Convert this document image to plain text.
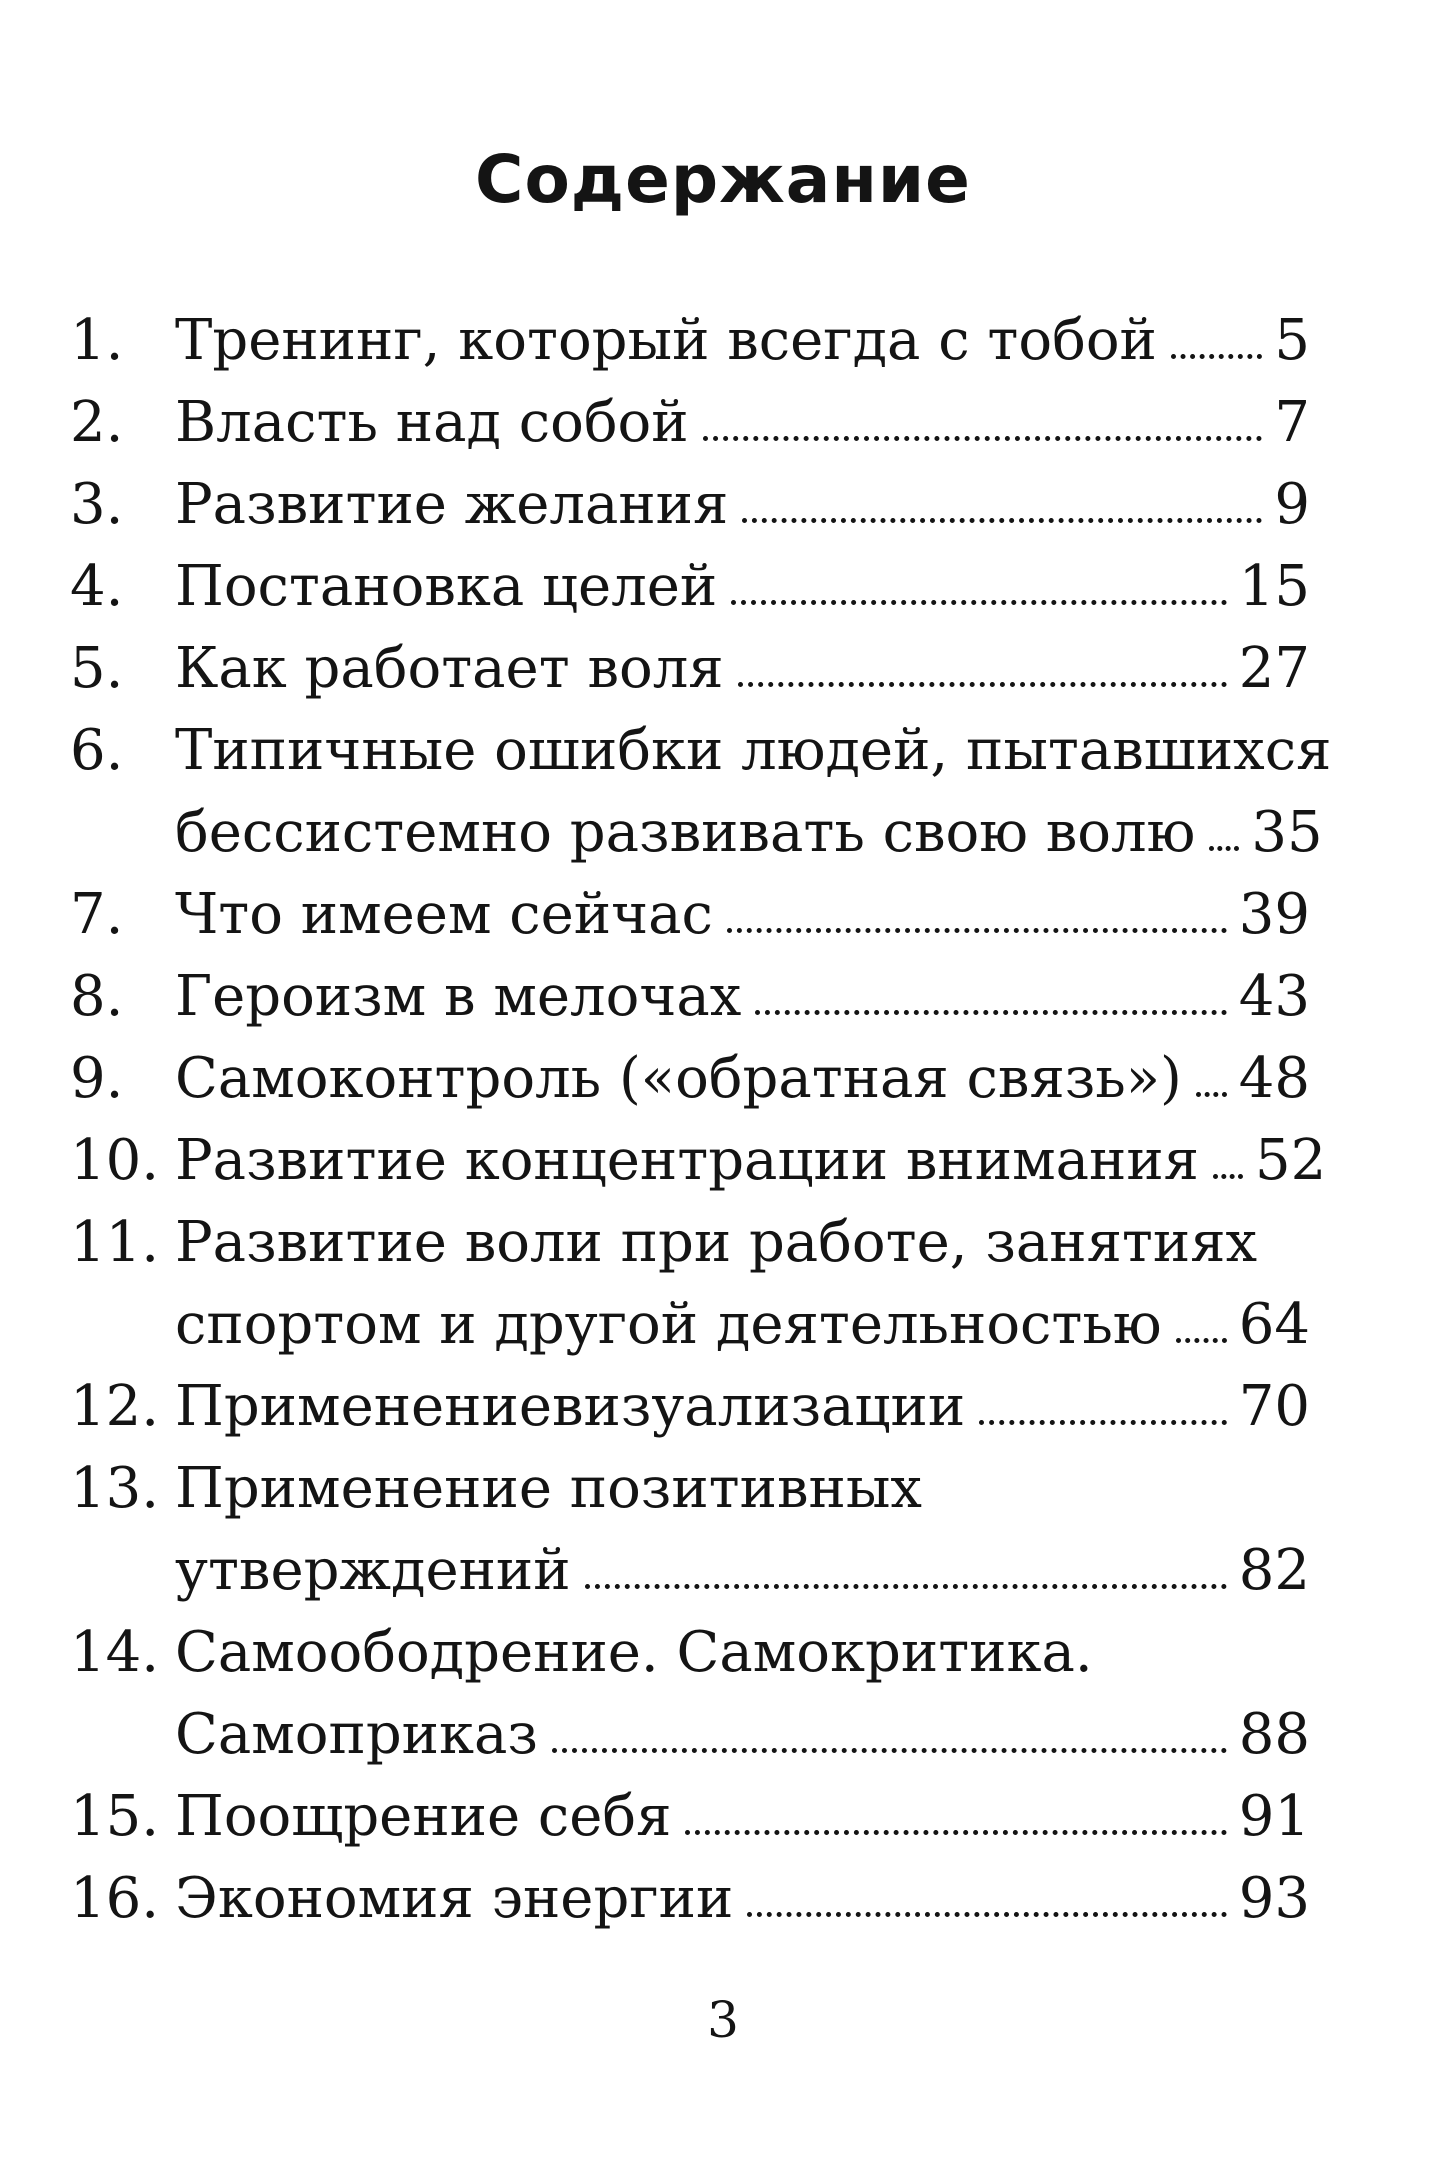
Содержание
1. Тренинг, который всегда с тобой 5
2. Власть над собой	7
3. Развитие желания	9
4. Постановка целей	15
5. Как работает воля	27
6. Типичные ошибки людей, пытавшихся
бессистемно развивать свою волю 35
7. Что имеем сейчас	39
8. Героизм в мелочах	43
9. Самоконтроль («обратная связь») 48
10. Развитие концентрации внимания 52
11. Развитие воли при работе, занятиях
спортом и другой деятельностью 64
12. Применениевизуализации	70
13. Применение позитивных
утверждений	82
14. Самоободрение. Самокритика.
Самоприказ	88
15. Поощрение себя	91
16. Экономия энергии	93
3
